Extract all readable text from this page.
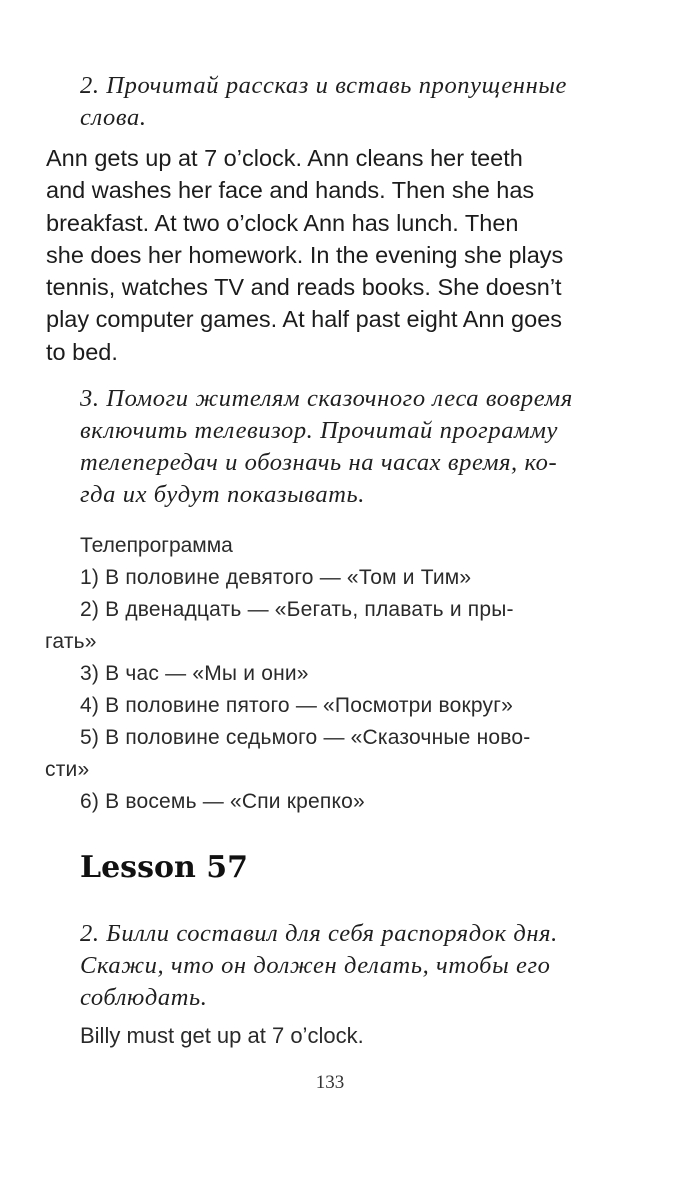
2. Прочитай рассказ и вставь пропущенные
слова.

Ann gets up at 7 o’clock. Ann cleans her teeth
and washes her face and hands. Then she has
breakfast. At two o’clock Ann has lunch. Then
she does her homework. In the evening she plays
tennis, watches TV and reads books. She doesn’t
play computer games. At half past eight Ann goes
to bed.

3. Помоги жителям сказочного леса вовремя
включить телевизор. Прочитай программу
телепередач и обозначь на часах время, ко-
гда их будут показывать.

Телепрограмма

1) В половине девятого — «Том и Тим»
2) В двенадцать — «Бегать, плавать и пры-
гать»
3) В час — «Мы и они»
4) В половине пятого — «Посмотри вокруг»
5) В половине седьмого — «Сказочные ново-
сти»
6) В восемь — «Спи крепко»
Lesson 57

2. Билли составил для себя распорядок дня.
Скажи, что он должен делать, чтобы его
соблюдать.

Billy must get up at 7 o’clock.

133
